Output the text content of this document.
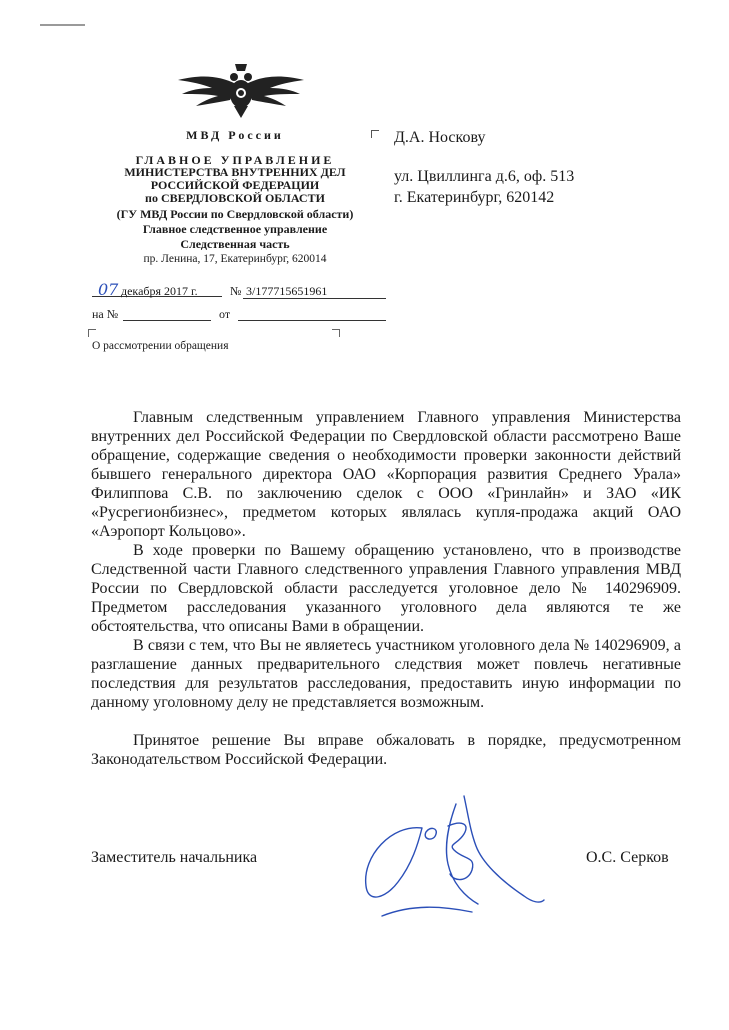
МВД России
ГЛАВНОЕ УПРАВЛЕНИЕ
МИНИСТЕРСТВА ВНУТРЕННИХ ДЕЛ
РОССИЙСКОЙ ФЕДЕРАЦИИ
по СВЕРДЛОВСКОЙ ОБЛАСТИ
(ГУ МВД России по Свердловской области)
Главное следственное управление
Следственная часть
пр. Ленина, 17, Екатеринбург, 620014
Д.А. Носкову
ул. Цвиллинга д.6, оф. 513
г. Екатеринбург, 620142
07 декабря 2017 г.	№ 3/177715651961
на №	от
О рассмотрении обращения

Главным следственным управлением Главного управления Министерства внутренних дел Российской Федерации по Свердловской области рассмотрено Ваше обращение, содержащие сведения о необходимости проверки законности действий бывшего генерального директора ОАО «Корпорация развития Среднего Урала» Филиппова С.В. по заключению сделок с ООО «Гринлайн» и ЗАО «ИК «Русрегионбизнес», предметом которых являлась купля-продажа акций ОАО «Аэропорт Кольцово».

В ходе проверки по Вашему обращению установлено, что в производстве Следственной части Главного следственного управления Главного управления МВД России по Свердловской области расследуется уголовное дело № 140296909. Предметом расследования указанного уголовного дела являются те же обстоятельства, что описаны Вами в обращении.

В связи с тем, что Вы не являетесь участником уголовного дела № 140296909, а разглашение данных предварительного следствия может повлечь негативные последствия для результатов расследования, предоставить иную информации по данному уголовному делу не представляется возможным.

Принятое решение Вы вправе обжаловать в порядке, предусмотренном Законодательством Российской Федерации.

Заместитель начальника	О.С. Серков
